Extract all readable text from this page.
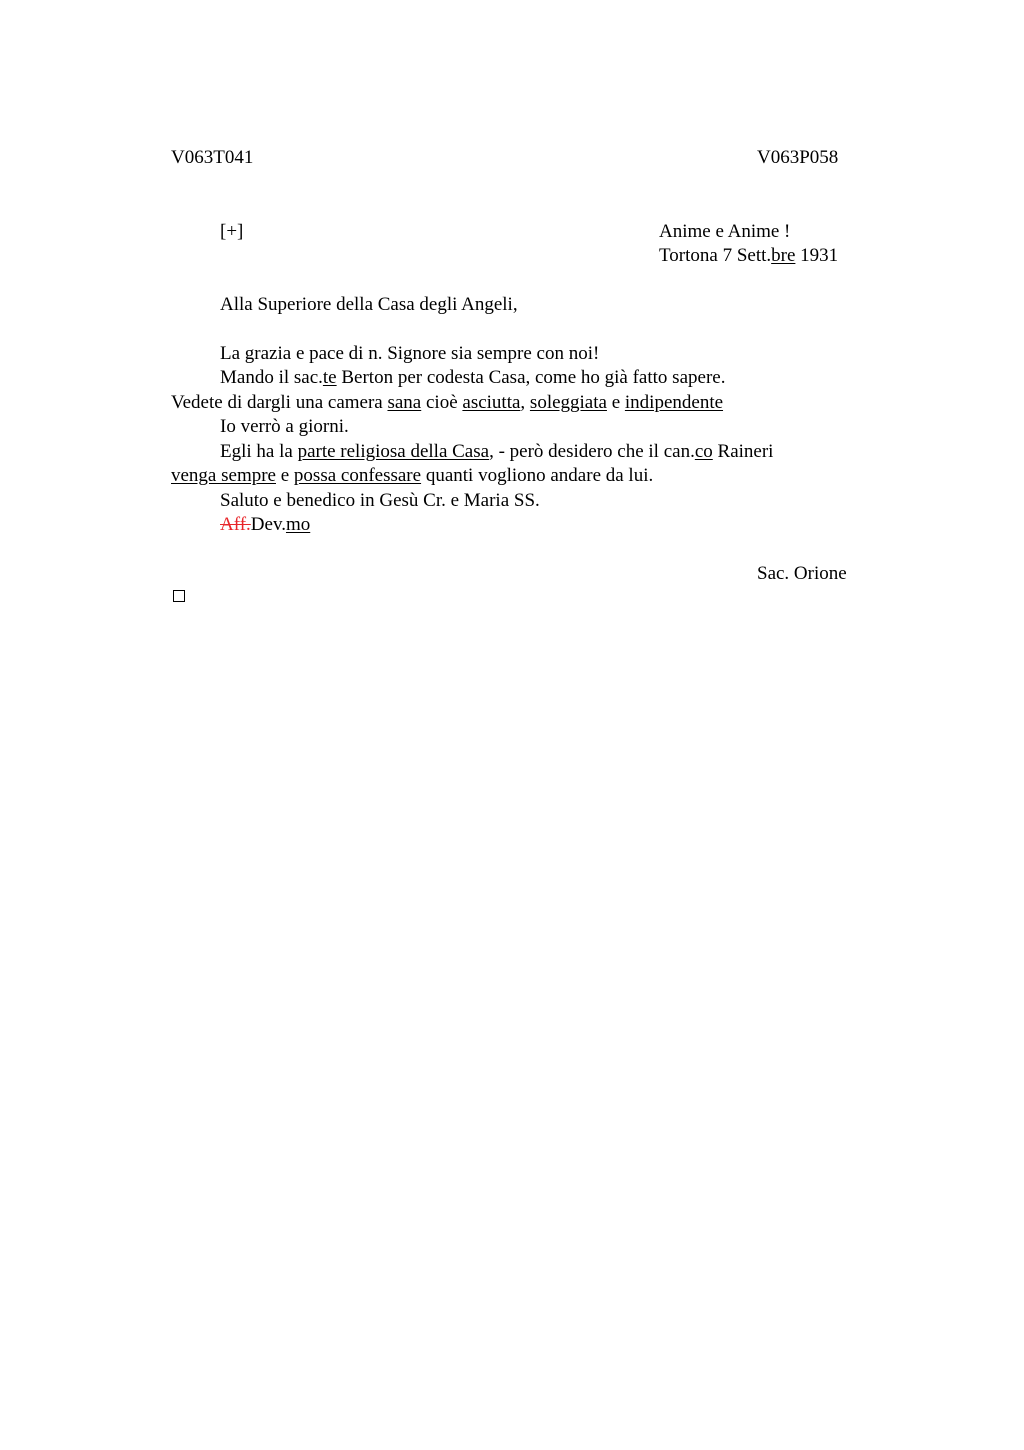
V063T041	V063P058
[+]	Anime e Anime !
Tortona 7 Sett.bre 1931
Alla Superiore della Casa degli Angeli,
La grazia e pace di n. Signore sia sempre con noi!
Mando il sac.te Berton per codesta Casa, come ho già fatto sapere.
Vedete di dargli una camera sana cioè asciutta, soleggiata e indipendente
Io verrò a giorni.
Egli ha la parte religiosa della Casa, - però desidero che il can.co Raineri
venga sempre e possa confessare quanti vogliono andare da lui.
Saluto e benedico in Gesù Cr. e Maria SS.
Aff.Dev.mo
Sac. Orione
